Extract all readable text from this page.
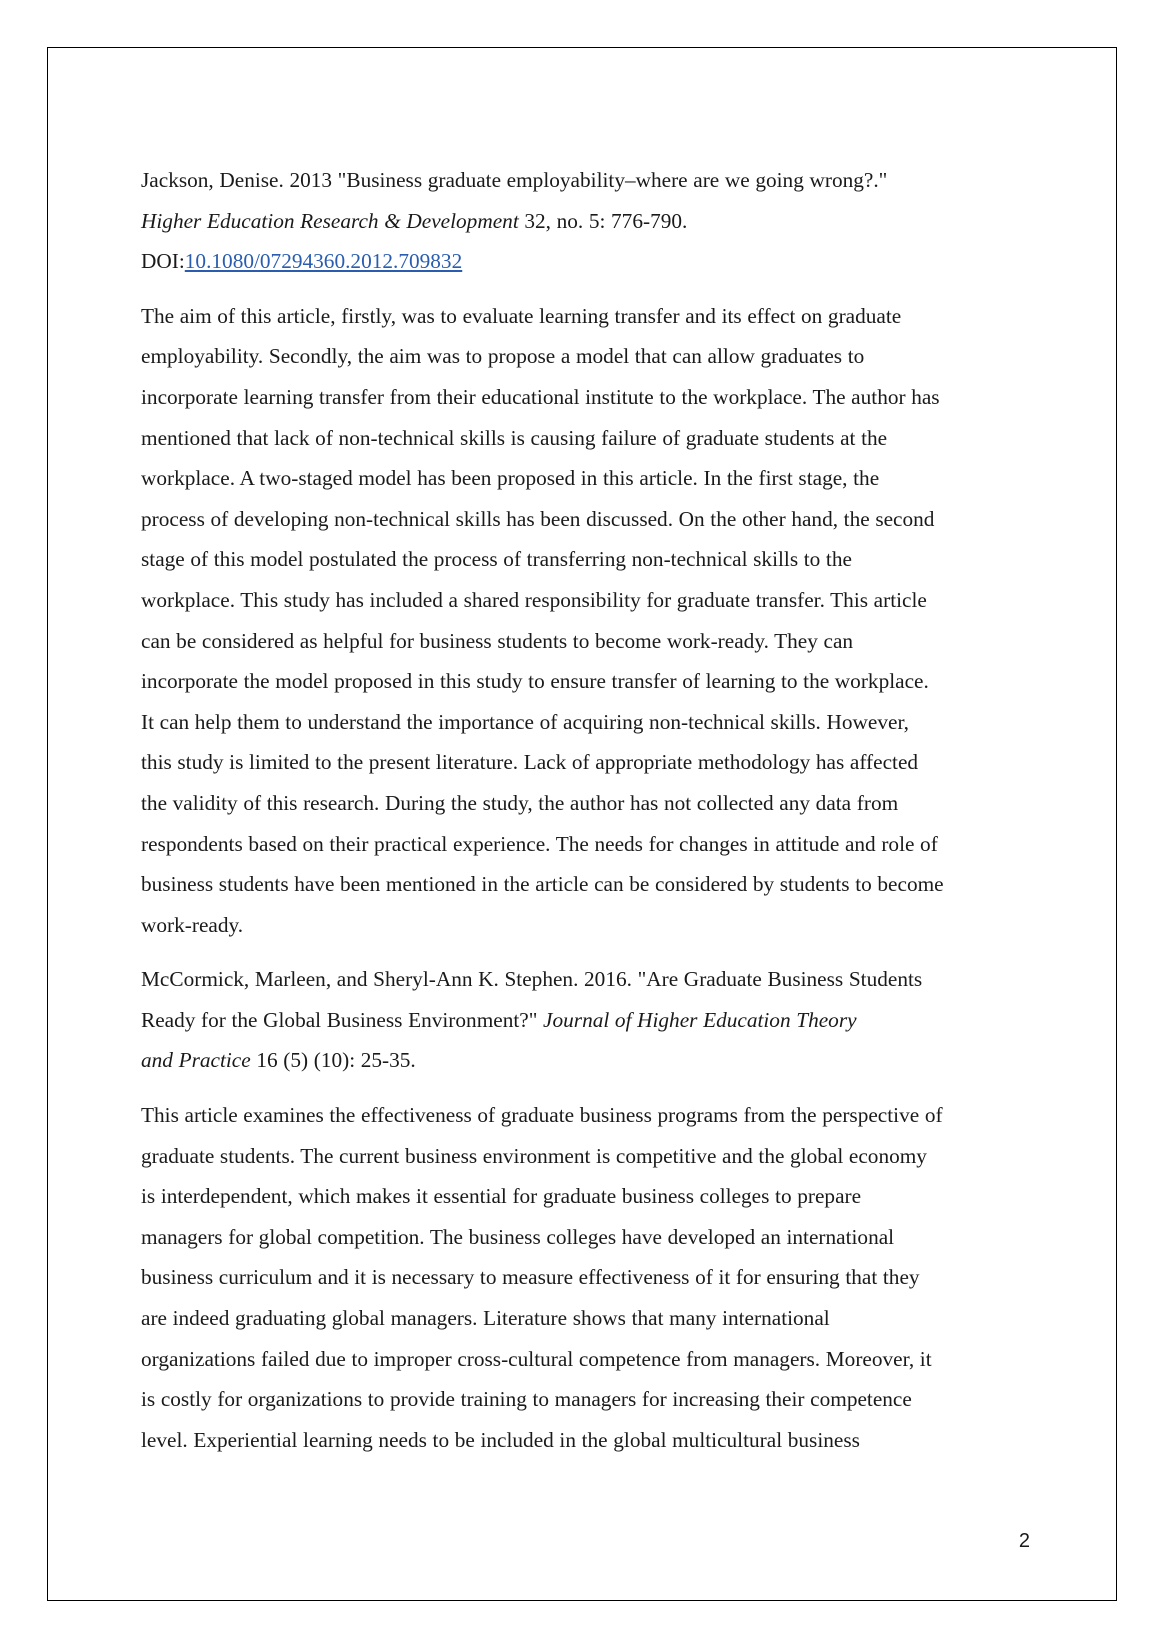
Jackson, Denise. 2013 "Business graduate employability–where are we going wrong?."
Higher Education Research & Development 32, no. 5: 776-790.
DOI:10.1080/07294360.2012.709832
The aim of this article, firstly, was to evaluate learning transfer and its effect on graduate
employability. Secondly, the aim was to propose a model that can allow graduates to
incorporate learning transfer from their educational institute to the workplace. The author has
mentioned that lack of non-technical skills is causing failure of graduate students at the
workplace. A two-staged model has been proposed in this article. In the first stage, the
process of developing non-technical skills has been discussed. On the other hand, the second
stage of this model postulated the process of transferring non-technical skills to the
workplace. This study has included a shared responsibility for graduate transfer. This article
can be considered as helpful for business students to become work-ready. They can
incorporate the model proposed in this study to ensure transfer of learning to the workplace.
It can help them to understand the importance of acquiring non-technical skills. However,
this study is limited to the present literature. Lack of appropriate methodology has affected
the validity of this research. During the study, the author has not collected any data from
respondents based on their practical experience. The needs for changes in attitude and role of
business students have been mentioned in the article can be considered by students to become
work-ready.
McCormick, Marleen, and Sheryl-Ann K. Stephen. 2016. "Are Graduate Business Students
Ready for the Global Business Environment?" Journal of Higher Education Theory
and Practice 16 (5) (10): 25-35.
This article examines the effectiveness of graduate business programs from the perspective of
graduate students. The current business environment is competitive and the global economy
is interdependent, which makes it essential for graduate business colleges to prepare
managers for global competition. The business colleges have developed an international
business curriculum and it is necessary to measure effectiveness of it for ensuring that they
are indeed graduating global managers. Literature shows that many international
organizations failed due to improper cross-cultural competence from managers. Moreover, it
is costly for organizations to provide training to managers for increasing their competence
level. Experiential learning needs to be included in the global multicultural business
2
